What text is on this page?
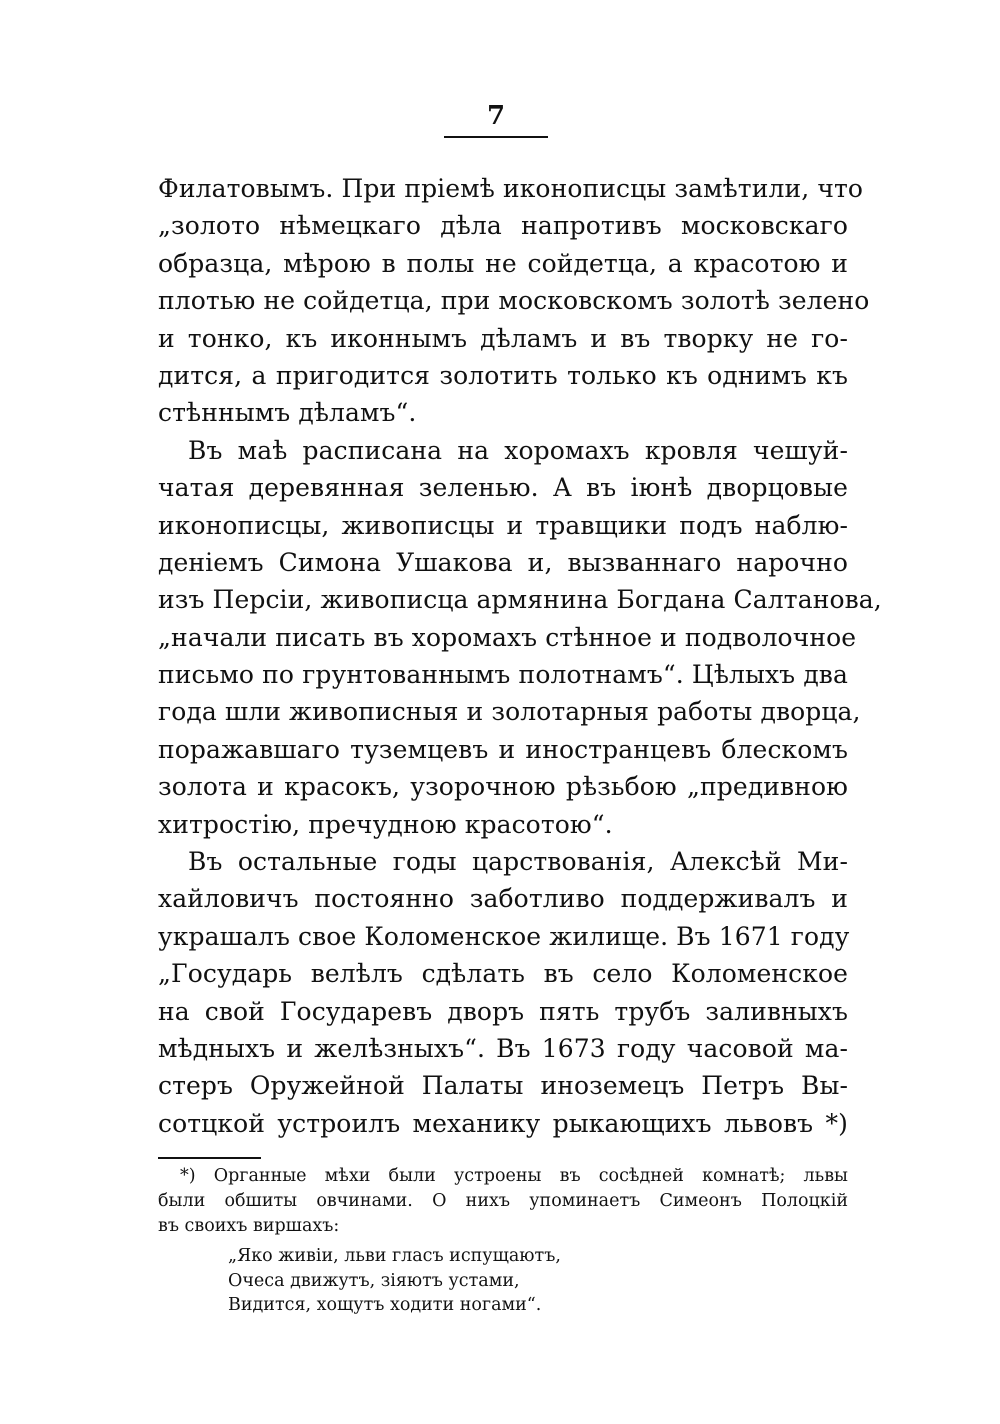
7
Филатовымъ. При пріемѣ иконописцы замѣтили, что
„золото нѣмецкаго дѣла напротивъ московскаго
образца, мѣрою в полы не сойдетца, а красотою и
плотью не сойдетца, при московскомъ золотѣ зелено
и тонко, къ иконнымъ дѣламъ и въ творку не го-
дится, а пригодится золотить только къ однимъ къ
стѣннымъ дѣламъ“.
Въ маѣ расписана на хоромахъ кровля чешуй-
чатая деревянная зеленью. А въ іюнѣ дворцовые
иконописцы, живописцы и травщики подъ наблю-
деніемъ Симона Ушакова и, вызваннаго нарочно
изъ Персіи, живописца армянина Богдана Салтанова,
„начали писать въ хоромахъ стѣнное и подволочное
письмо по грунтованнымъ полотнамъ“. Цѣлыхъ два
года шли живописныя и золотарныя работы дворца,
поражавшаго туземцевъ и иностранцевъ блескомъ
золота и красокъ, узорочною рѣзьбою „предивною
хитростію, пречудною красотою“.
Въ остальные годы царствованія, Алексѣй Ми-
хайловичъ постоянно заботливо поддерживалъ и
украшалъ свое Коломенское жилище. Въ 1671 году
„Государь велѣлъ сдѣлать въ село Коломенское
на свой Государевъ дворъ пять трубъ заливныхъ
мѣдныхъ и желѣзныхъ“. Въ 1673 году часовой ма-
стеръ Оружейной Палаты иноземецъ Петръ Вы-
сотцкой устроилъ механику рыкающихъ львовъ *)
*) Органные мѣхи были устроены въ сосѣдней комнатѣ; львы
были обшиты овчинами. О нихъ упоминаетъ Симеонъ Полоцкій
въ своихъ виршахъ:
„Яко живіи, льви гласъ испущаютъ,
Очеса движутъ, зіяютъ устами,
Видится, хощутъ ходити ногами“.
